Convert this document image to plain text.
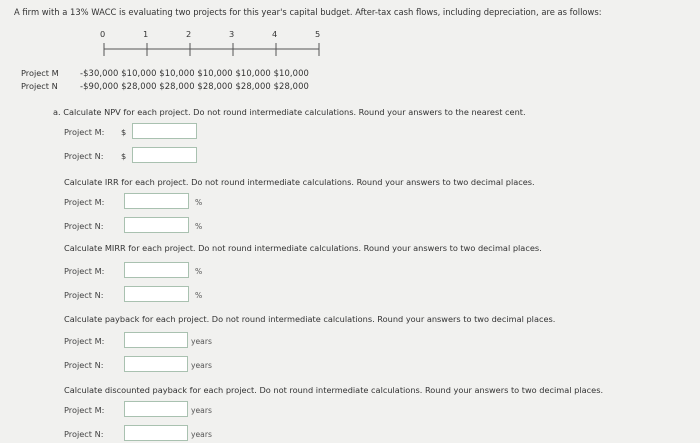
A firm with a 13% WACC is evaluating two projects for this year's capital budget. After-tax cash flows, including depreciation, are as follows:
0	1	2	3	4	5
Project M	-$30,000 $10,000 $10,000 $10,000 $10,000 $10,000
Project N	-$90,000 $28,000 $28,000 $28,000 $28,000 $28,000
a. Calculate NPV for each project. Do not round intermediate calculations. Round your answers to the nearest cent.
Project M: $
Project N: $
Calculate IRR for each project. Do not round intermediate calculations. Round your answers to two decimal places.
Project M:	%
Project N:	%
Calculate MIRR for each project. Do not round intermediate calculations. Round your answers to two decimal places.
Project M:	%
Project N:	%
Calculate payback for each project. Do not round intermediate calculations. Round your answers to two decimal places.
Project M:	years
Project N:	years
Calculate discounted payback for each project. Do not round intermediate calculations. Round your answers to two decimal places.
Project M:	years
Project N:	years
